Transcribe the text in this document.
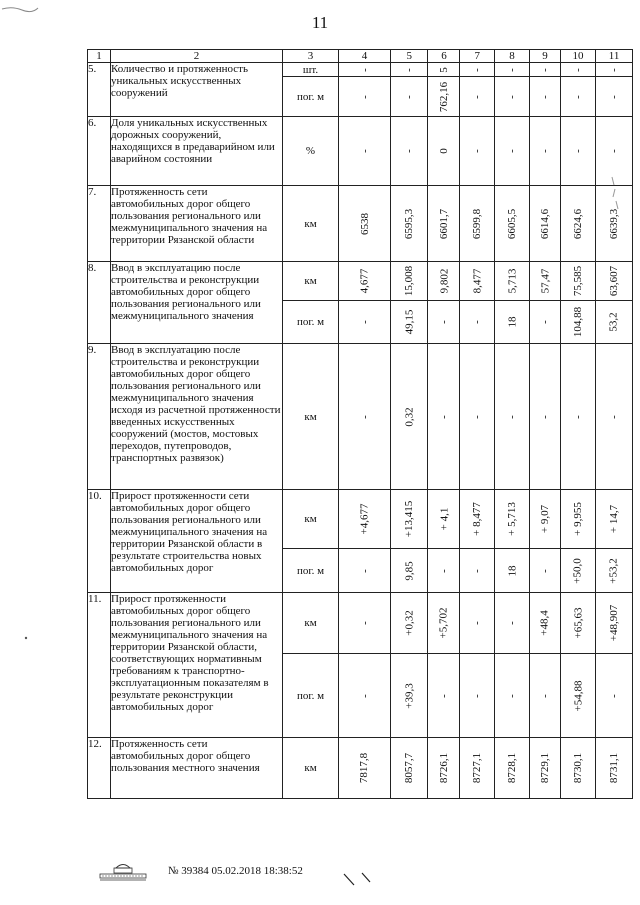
11
1	2	3	4	5	6	7	8	9	10	11
5.	Количество и протяженность уникальных искусственных сооружений	шт.	-	-	5	-	-	-	-	-
		пог. м	-	-	762,16	-	-	-	-	-
6.	Доля уникальных искусственных дорожных сооружений, находящихся в предаварийном или аварийном состоянии	%	-	-	0	-	-	-	-	-
7.	Протяженность сети автомобильных дорог общего пользования регионального или межмуниципального значения на территории Рязанской области	км	6538	6595,3	6601,7	6599,8	6605,5	6614,6	6624,6	6639,3
8.	Ввод в эксплуатацию после строительства и реконструкции автомобильных дорог общего пользования регионального или межмуниципального значения	км	4,677	15,008	9,802	8,477	5,713	57,47	75,585	63,607
		пог. м	-	49,15	-	-	18	-	104,88	53,2
9.	Ввод в эксплуатацию после строительства и реконструкции автомобильных дорог общего пользования регионального или межмуниципального значения исходя из расчетной протяженности введенных искусственных сооружений (мостов, мостовых переходов, путепроводов, транспортных развязок)	км	-	0,32	-	-	-	-	-	-
10.	Прирост протяженности сети автомобильных дорог общего пользования регионального или межмуниципального значения на территории Рязанской области в результате строительства новых автомобильных дорог	км	+4,677	+13,415	+ 4,1	+ 8,477	+ 5,713	+ 9,07	+ 9,955	+ 14,7
		пог. м	-	9,85	-	-	18	-	+50,0	+53,2
11.	Прирост протяженности автомобильных дорог общего пользования регионального или межмуниципального значения на территории Рязанской области, соответствующих нормативным требованиям к транспортно-эксплуатационным показателям в результате реконструкции автомобильных дорог	км	-	+0,32	+5,702	-	-	+48,4	+65,63	+48,907
		пог. м	-	+39,3	-	-	-	-	+54,88	-
12.	Протяженность сети автомобильных дорог общего пользования местного значения	км	7817,8	8057,7	8726,1	8727,1	8728,1	8729,1	8730,1	8731,1
№ 39384 05.02.2018 18:38:52
